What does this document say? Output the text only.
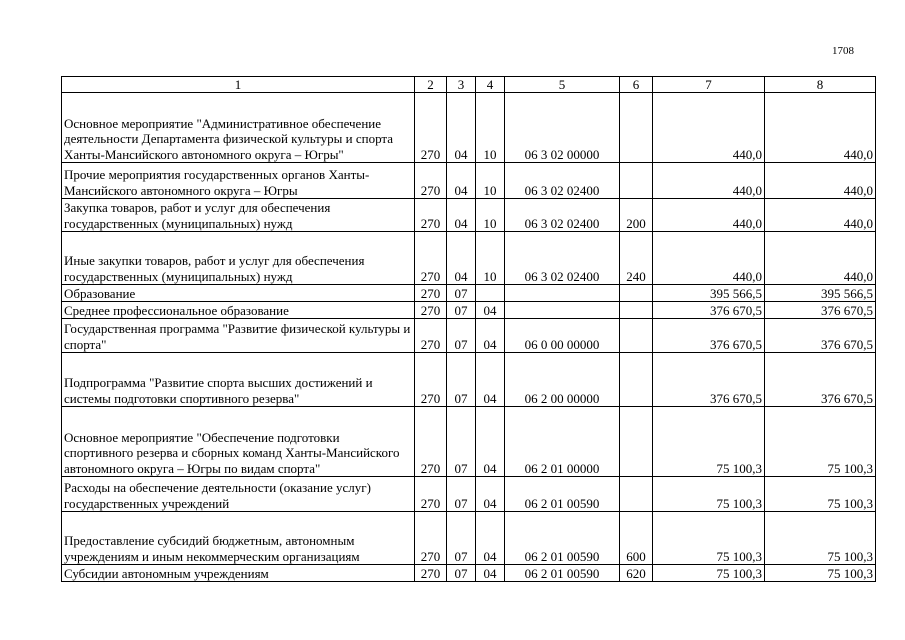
1708
1	2	3	4	5	6	7	8
Основное мероприятие "Административное обеспечение деятельности Департамента физической культуры и спорта Ханты-Мансийского автономного округа – Югры"	270	04	10	06 3 02 00000		440,0	440,0
Прочие мероприятия государственных органов Ханты-Мансийского автономного округа – Югры	270	04	10	06 3 02 02400		440,0	440,0
Закупка товаров, работ и услуг для обеспечения государственных (муниципальных) нужд	270	04	10	06 3 02 02400	200	440,0	440,0
Иные закупки товаров, работ и услуг для обеспечения государственных (муниципальных) нужд	270	04	10	06 3 02 02400	240	440,0	440,0
Образование	270	07				395 566,5	395 566,5
Среднее профессиональное образование	270	07	04			376 670,5	376 670,5
Государственная программа "Развитие физической культуры и спорта"	270	07	04	06 0 00 00000		376 670,5	376 670,5
Подпрограмма "Развитие спорта высших достижений и системы подготовки спортивного резерва"	270	07	04	06 2 00 00000		376 670,5	376 670,5
Основное мероприятие "Обеспечение подготовки спортивного резерва и сборных команд Ханты-Мансийского автономного округа – Югры по видам спорта"	270	07	04	06 2 01 00000		75 100,3	75 100,3
Расходы на обеспечение деятельности (оказание услуг) государственных учреждений	270	07	04	06 2 01 00590		75 100,3	75 100,3
Предоставление субсидий бюджетным, автономным учреждениям и иным некоммерческим организациям	270	07	04	06 2 01 00590	600	75 100,3	75 100,3
Субсидии автономным учреждениям	270	07	04	06 2 01 00590	620	75 100,3	75 100,3
